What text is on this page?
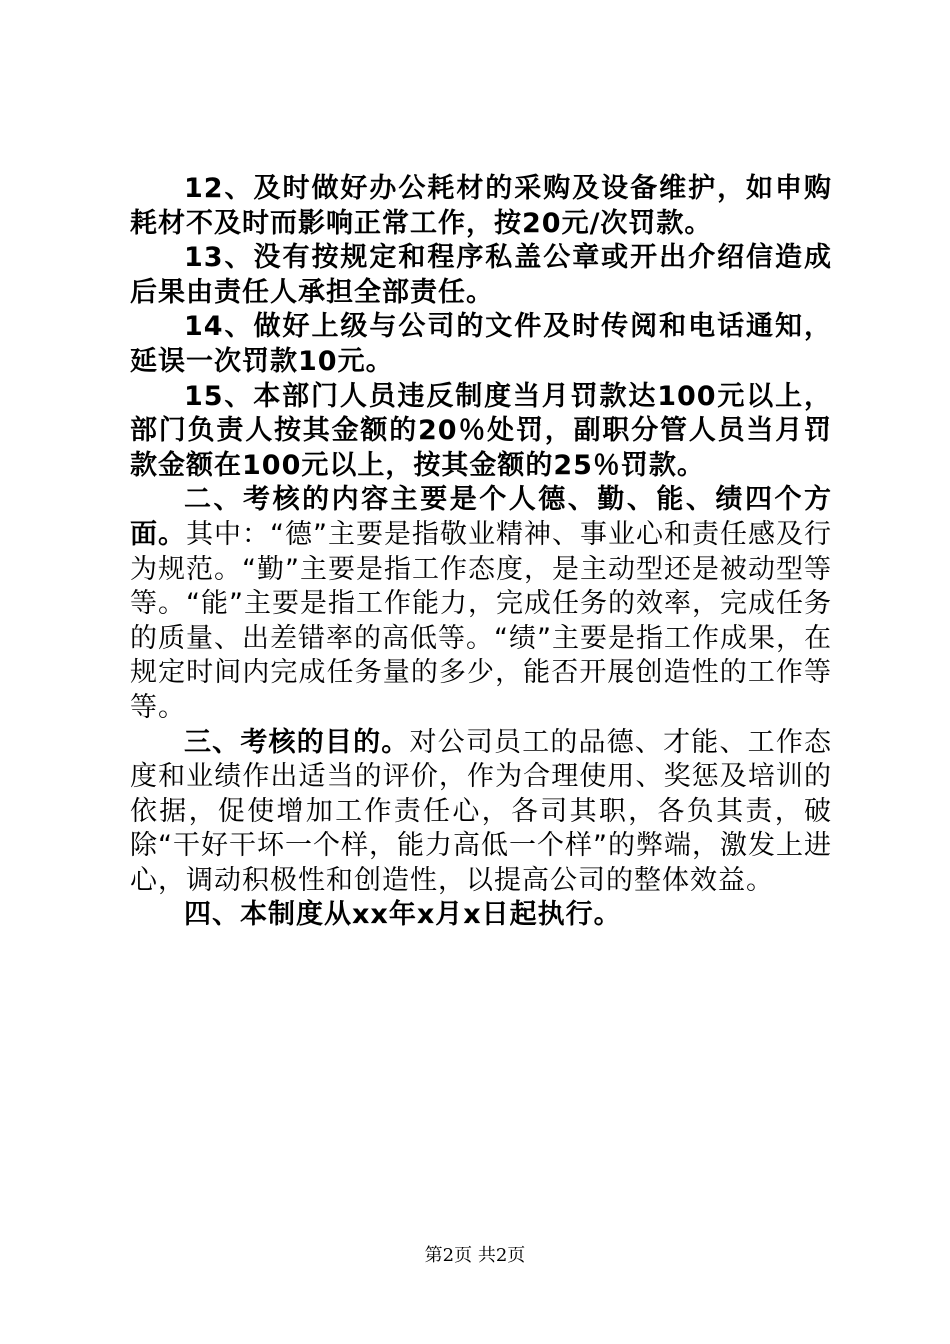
12、及时做好办公耗材的采购及设备维护，如申购耗材不及时而影响正常工作，按20元/次罚款。

13、没有按规定和程序私盖公章或开出介绍信造成后果由责任人承担全部责任。

14、做好上级与公司的文件及时传阅和电话通知，延误一次罚款10元。

15、本部门人员违反制度当月罚款达100元以上，部门负责人按其金额的20％处罚，副职分管人员当月罚款金额在100元以上，按其金额的25％罚款。

二、考核的内容主要是个人德、勤、能、绩四个方面。其中：“德”主要是指敬业精神、事业心和责任感及行为规范。“勤”主要是指工作态度，是主动型还是被动型等等。“能”主要是指工作能力，完成任务的效率，完成任务的质量、出差错率的高低等。“绩”主要是指工作成果，在规定时间内完成任务量的多少，能否开展创造性的工作等等。

三、考核的目的。对公司员工的品德、才能、工作态度和业绩作出适当的评价，作为合理使用、奖惩及培训的依据，促使增加工作责任心，各司其职，各负其责，破除“干好干坏一个样，能力高低一个样”的弊端，激发上进心，调动积极性和创造性，以提高公司的整体效益。

四、本制度从xx年x月x日起执行。

第2页 共2页
